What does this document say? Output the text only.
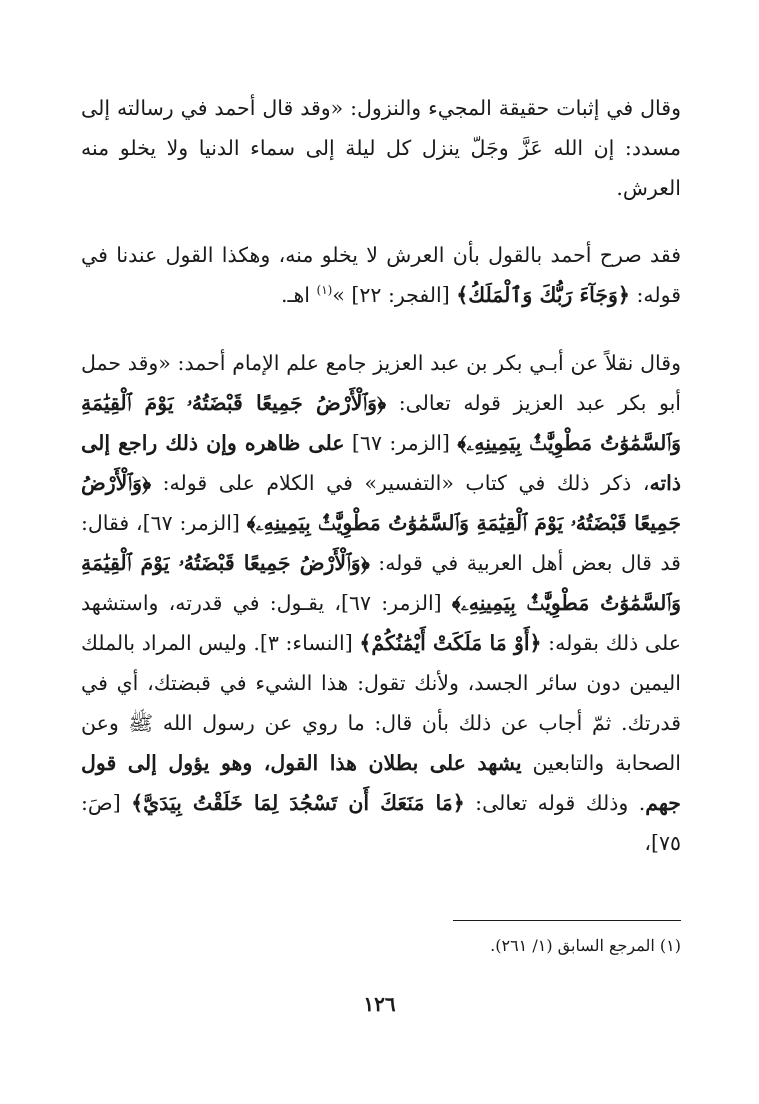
وقال في إثبات حقيقة المجيء والنزول: «وقد قال أحمد في رسالته إلى مسدد: إن الله عَزَّ وجَلّ ينزل كل ليلة إلى سماء الدنيا ولا يخلو منه العرش.

فقد صرح أحمد بالقول بأن العرش لا يخلو منه، وهكذا القول عندنا في قوله: ﴿وَجَآءَ رَبُّكَ وَٱلْمَلَكُ﴾ [الفجر: ٢٢] »$^{(١)}$ اهـ.

وقال نقلاً عن أبـي بكر بن عبد العزيز جامع علم الإمام أحمد: «وقد حمل أبو بكر عبد العزيز قوله تعالى: ﴿وَٱلْأَرْضُ جَمِيعًا قَبْضَتُهُۥ يَوْمَ ٱلْقِيَٰمَةِ وَٱلسَّمَٰوَٰتُ مَطْوِيَّٰتٌۢ بِيَمِينِهِۦ﴾ [الزمر: ٦٧] على ظاهره وإن ذلك راجع إلى ذاته، ذكر ذلك في كتاب «التفسير» في الكلام على قوله: ﴿وَٱلْأَرْضُ جَمِيعًا قَبْضَتُهُۥ يَوْمَ ٱلْقِيَٰمَةِ وَٱلسَّمَٰوَٰتُ مَطْوِيَّٰتٌۢ بِيَمِينِهِۦ﴾ [الزمر: ٦٧]، فقال: قد قال بعض أهل العربية في قوله: ﴿وَٱلْأَرْضُ جَمِيعًا قَبْضَتُهُۥ يَوْمَ ٱلْقِيَٰمَةِ وَٱلسَّمَٰوَٰتُ مَطْوِيَّٰتٌۢ بِيَمِينِهِۦ﴾ [الزمر: ٦٧]، يقـول: في قدرته، واستشهد على ذلك بقوله: ﴿أَوْ مَا مَلَكَتْ أَيْمَٰنُكُمْ﴾ [النساء: ٣]. وليس المراد بالملك اليمين دون سائر الجسد، ولأنك تقول: هذا الشيء في قبضتك، أي في قدرتك. ثمّ أجاب عن ذلك بأن قال: ما روي عن رسول الله ﷺ وعن الصحابة والتابعين يشهد على بطلان هذا القول، وهو يؤول إلى قول جهم. وذلك قوله تعالى: ﴿مَا مَنَعَكَ أَن تَسْجُدَ لِمَا خَلَقْتُ بِيَدَيَّ﴾ [صَ: ٧٥]،

(١) المرجع السابق (١/ ٢٦١).
١٢٦
